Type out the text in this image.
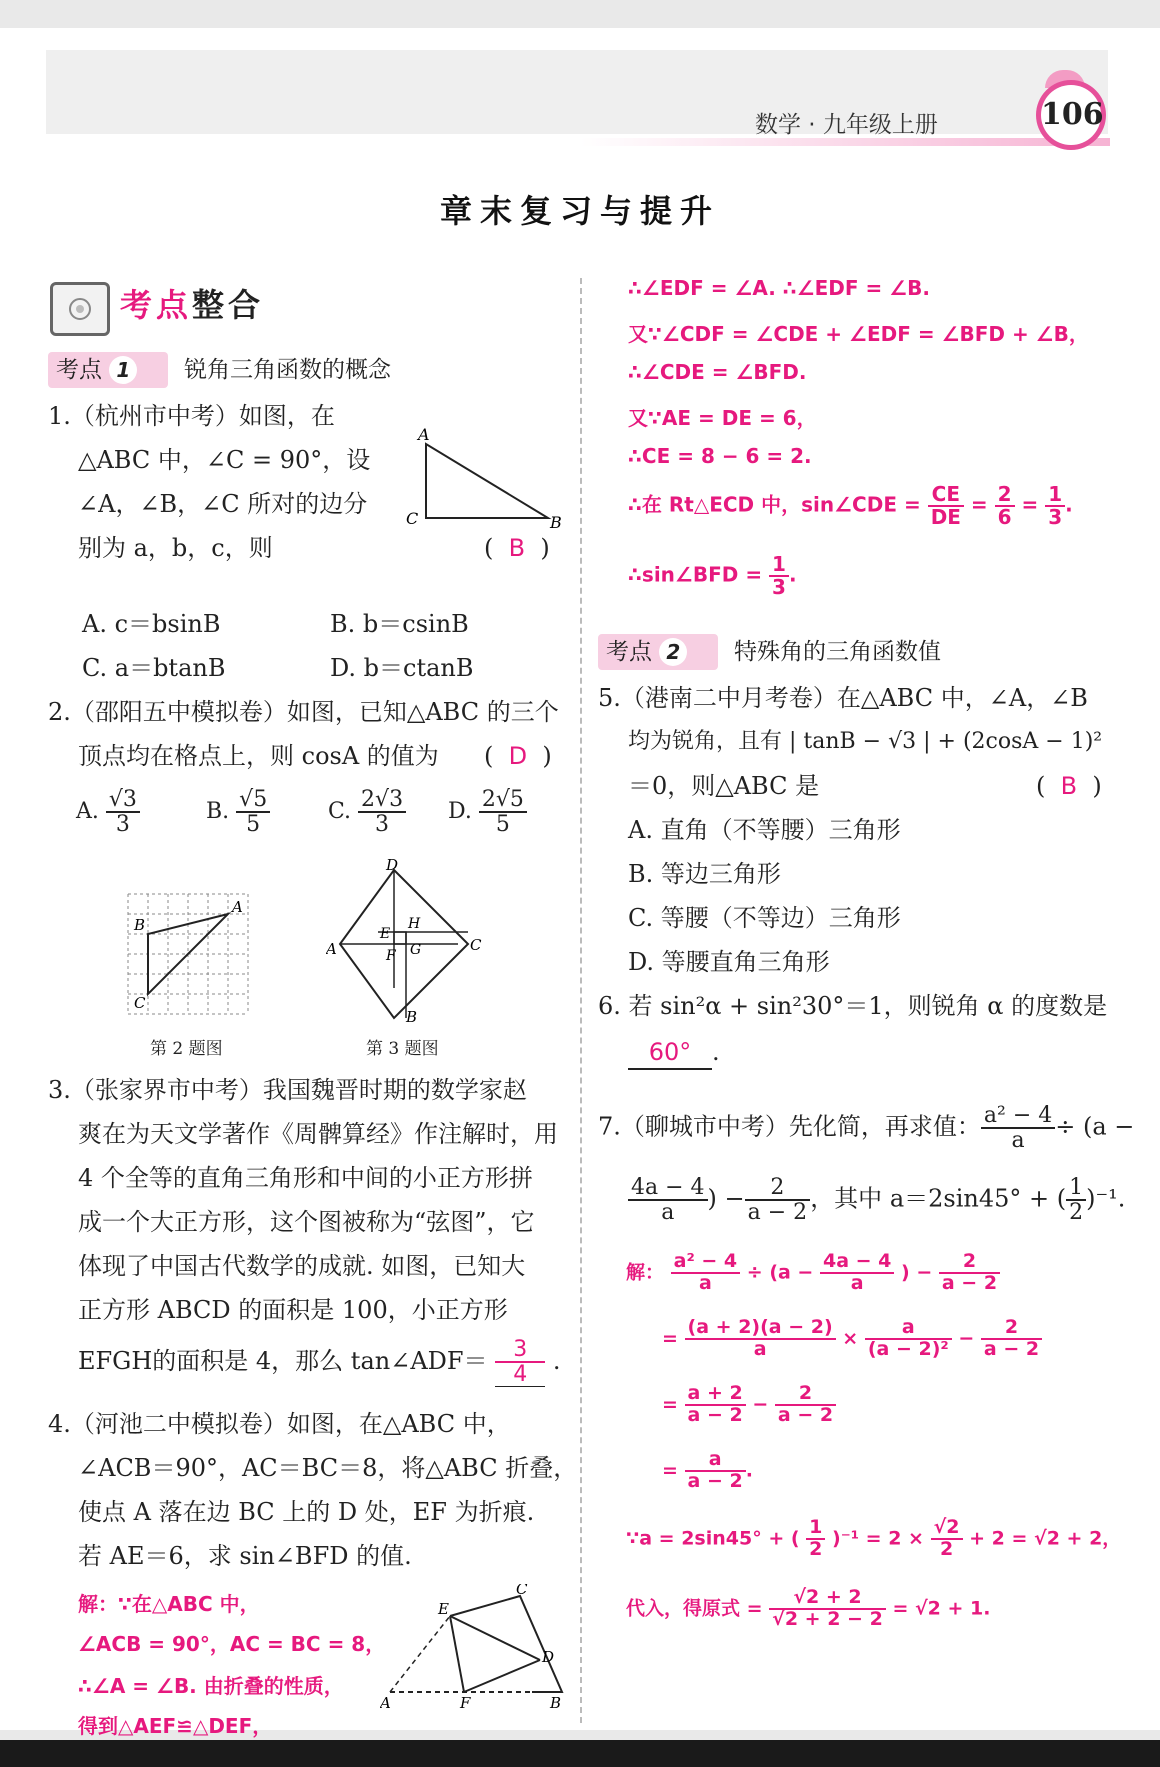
数学 · 九年级上册	106
章末复习与提升
考点整合
考点 1	锐角三角函数的概念
1.（杭州市中考）如图，在
△ABC 中，∠C = 90°，设
∠A，∠B，∠C 所对的边分
别为 a，b，c，则	(  B  )
A
C	B
A. c＝bsinB	B. b＝csinB
C. a＝btanB	D. b＝ctanB
2.（邵阳五中模拟卷）如图，已知△ABC 的三个
顶点均在格点上，则 cosA 的值为 (  D  )
A. $\frac{√3}{3}$	B. $\frac{√5}{5}$	C. $\frac{2√3}{3} D$. $\frac{2√5}{5}$
A
B
C
第 2 题图
D
C
A
B
E
H
F G
第 3 题图
3.（张家界市中考）我国魏晋时期的数学家赵
爽在为天文学著作《周髀算经》作注解时，用
4 个全等的直角三角形和中间的小正方形拼
成一个大正方形，这个图被称为“弦图”，它
体现了中国古代数学的成就. 如图，已知大
正方形 ABCD 的面积是 100，小正方形
EFGH的面积是 4，那么 tan∠ADF＝ $\frac{3}{4}$ .
4.（河池二中模拟卷）如图，在△ABC 中，
∠ACB＝90°，AC＝BC＝8，将△ABC 折叠，
使点 A 落在边 BC 上的 D 处，EF 为折痕.
若 AE＝6，求 sin∠BFD 的值.
解：∵在△ABC 中，
∠ACB = 90°，AC = BC = 8，
∴∠A = ∠B. 由折叠的性质，
得到△AEF≌△DEF，
A	F	B
C
E
D
∴∠EDF = ∠A. ∴∠EDF = ∠B.
又∵∠CDF = ∠CDE + ∠EDF = ∠BFD + ∠B，
∴∠CDE = ∠BFD.
又∵AE = DE = 6，
∴CE = 8 − 6 = 2.
∴在 Rt△ECD 中，sin∠CDE = $\frac{CE}{DE} = \frac{2}{6} = \frac{1}{3}$ .
∴sin∠BFD = $\frac{1}{3}$ .
考点 2	特殊角的三角函数值
5.（港南二中月考卷）在△ABC 中，∠A，∠B
均为锐角，且有 | tanB − √3 | + (2cosA − 1)²
＝0，则△ABC 是	(  B  )
A. 直角（不等腰）三角形
B. 等边三角形
C. 等腰（不等边）三角形
D. 等腰直角三角形
6. 若 sin²α + sin²30°＝1，则锐角 α 的度数是
60° .
7.（聊城市中考）先化简，再求值： $\frac{\text{a² − 4}}{a} \div (a$ −
$\frac{4a - 4}{a}$ ) − $\frac{2}{a - 2}$ ，其中 a＝2sin45° + ( $\frac{1}{2} )^{-1}$.
解： $\frac{\text{a² − 4}}{a} \div (a - \frac{4a - 4}{a}$ ) − $\frac{2}{a - 2}$
= $\frac{(a + 2)(a - 2)}{a} \times \frac{a}{\text{(a − 2)²}} - \frac{2}{a - 2}$
= $\frac{a + 2}{a - 2} - \frac{2}{a - 2}$
= $\frac{a}{a - 2}$ .
∵a = 2sin45° + ( $\frac{1}{2} )^{-1} = 2 \times \frac{√2}{2} + 2 = √2 + 2$，
代入，得原式 = $\frac{√2 + 2}{√2 + 2 - 2} = √2 + 1$.
